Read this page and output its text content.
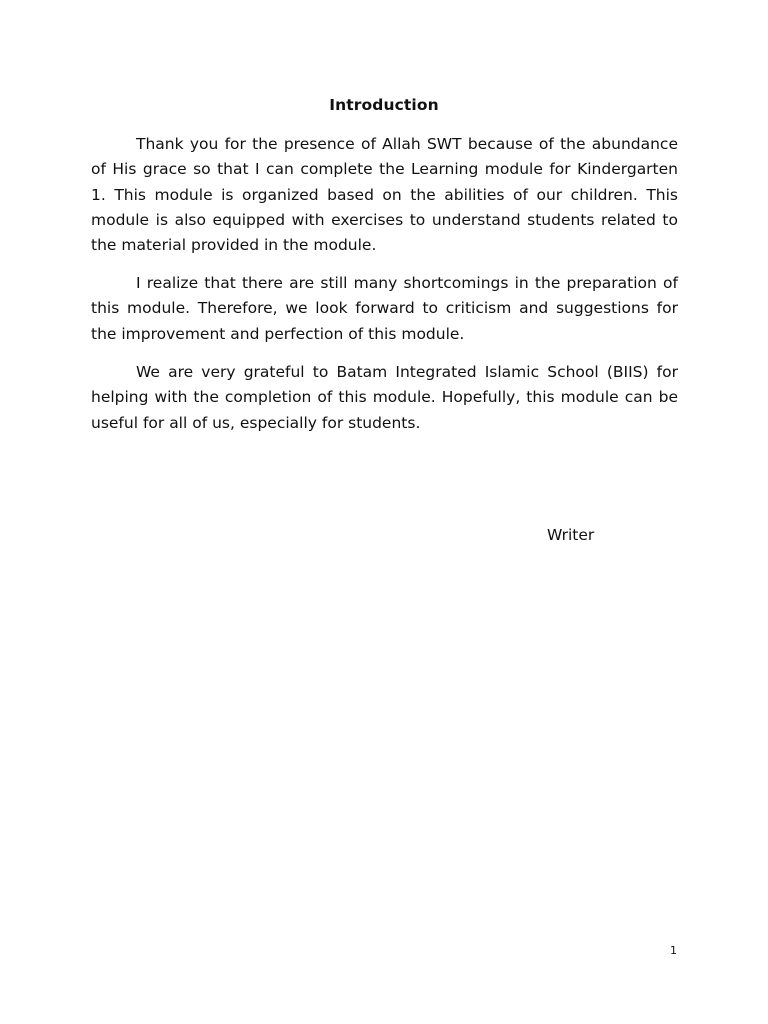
Introduction

Thank you for the presence of Allah SWT because of the abundance of His grace so that I can complete the Learning module for Kindergarten 1. This module is organized based on the abilities of our children. This module is also equipped with exercises to understand students related to the material provided in the module.

I realize that there are still many shortcomings in the preparation of this module. Therefore, we look forward to criticism and suggestions for the improvement and perfection of this module.

We are very grateful to Batam Integrated Islamic School (BIIS) for helping with the completion of this module. Hopefully, this module can be useful for all of us, especially for students.

Writer
1
